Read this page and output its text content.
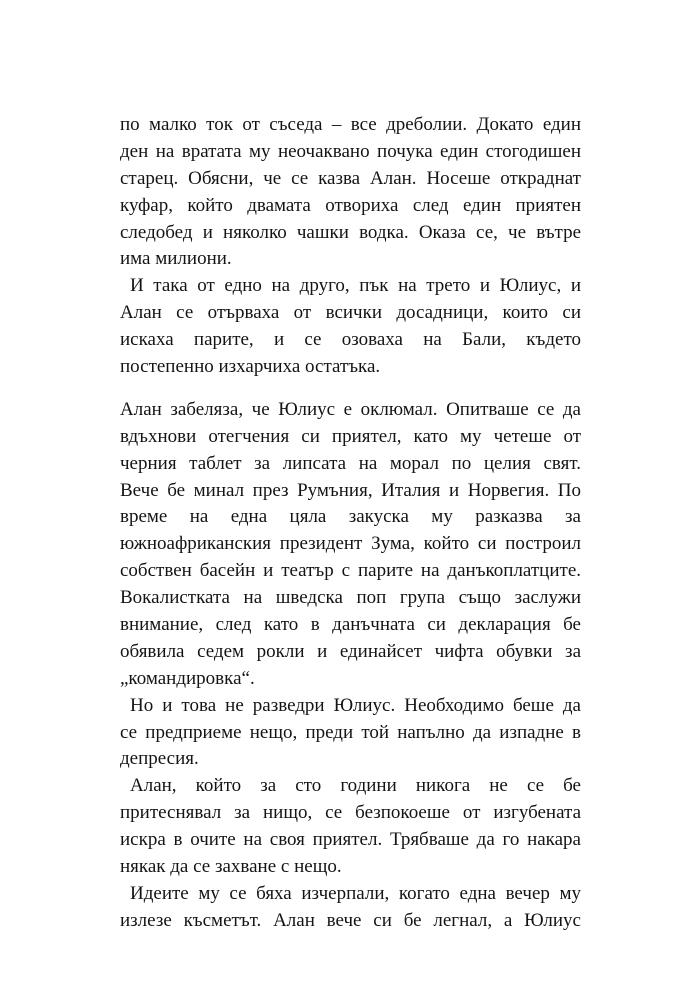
по малко ток от съседа – все дреболии. Докато един
ден на вратата му неочаквано почука един стогодишен
старец. Обясни, че се казва Алан. Носеше откраднат
куфар, който двамата отвориха след един приятен
следобед и няколко чашки водка. Оказа се, че вътре
има милиони.
И така от едно на друго, пък на трето и Юлиус, и
Алан се отърваха от всички досадници, които си
искаха парите, и се озоваха на Бали, където
постепенно изхарчиха остатъка.
Алан забеляза, че Юлиус е оклюмал. Опитваше се да
вдъхнови отегчения си приятел, като му четеше от
черния таблет за липсата на морал по целия свят.
Вече бе минал през Румъния, Италия и Норвегия. По
време на една цяла закуска му разказва за
южноафриканския президент Зума, който си построил
собствен басейн и театър с парите на данъкоплатците.
Вокалистката на шведска поп група също заслужи
внимание, след като в данъчната си декларация бе
обявила седем рокли и единайсет чифта обувки за
„командировка“.
Но и това не разведри Юлиус. Необходимо беше да
се предприеме нещо, преди той напълно да изпадне в
депресия.
Алан, който за сто години никога не се бе
притеснявал за нищо, се безпокоеше от изгубената
искра в очите на своя приятел. Трябваше да го накара
някак да се захване с нещо.
Идеите му се бяха изчерпали, когато една вечер му
излезе късметът. Алан вече си бе легнал, а Юлиус
